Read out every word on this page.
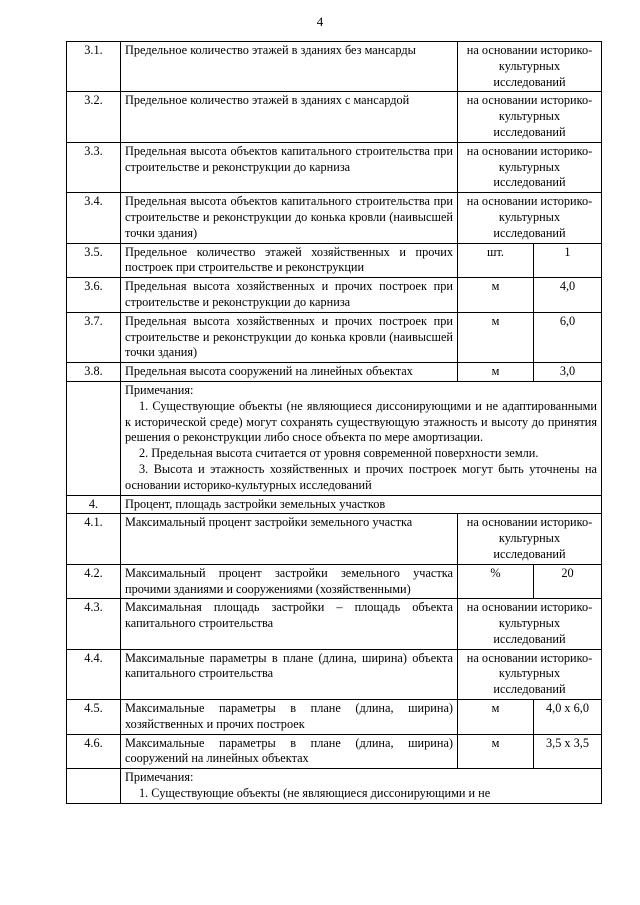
4
3.1.	Предельное количество этажей в зданиях без мансарды	на основании историко-культурных исследований	
3.2.	Предельное количество этажей в зданиях с мансардой	на основании историко-культурных исследований	
3.3.	Предельная высота объектов капитального строительства при строительстве и реконструкции до карниза	на основании историко-культурных исследований	
3.4.	Предельная высота объектов капитального строительства при строительстве и реконструкции до конька кровли (наивысшей точки здания)	на основании историко-культурных исследований	
3.5.	Предельное количество этажей хозяйственных и прочих построек при строительстве и реконструкции	шт.	1
3.6.	Предельная высота хозяйственных и прочих построек при строительстве и реконструкции до карниза	м	4,0
3.7.	Предельная высота хозяйственных и прочих построек при строительстве и реконструкции до конька кровли (наивысшей точки здания)	м	6,0
3.8.	Предельная высота сооружений на линейных объектах	м	3,0

	Примечания:
1. Существующие объекты (не являющиеся диссонирующими и не адаптированными к исторической среде) могут сохранять существующую этажность и высоту до принятия решения о реконструкции либо сносе объекта по мере амортизации.
2. Предельная высота считается от уровня современной поверхности земли.
3. Высота и этажность хозяйственных и прочих построек могут быть уточнены на основании историко-культурных исследований		

4.	Процент, площадь застройки земельных участков		
4.1.	Максимальный процент застройки земельного участка	на основании историко-культурных исследований	
4.2.	Максимальный процент застройки земельного участка прочими зданиями и сооружениями (хозяйственными)	%	20
4.3.	Максимальная площадь застройки – площадь объекта капитального строительства	на основании историко-культурных исследований	
4.4.	Максимальные параметры в плане (длина, ширина) объекта капитального строительства	на основании историко-культурных исследований	
4.5.	Максимальные параметры в плане (длина, ширина) хозяйственных и прочих построек	м	4,0 х 6,0
4.6.	Максимальные параметры в плане (длина, ширина) сооружений на линейных объектах	м	3,5 х 3,5

	Примечания:
1. Существующие объекты (не являющиеся диссонирующими и не		
